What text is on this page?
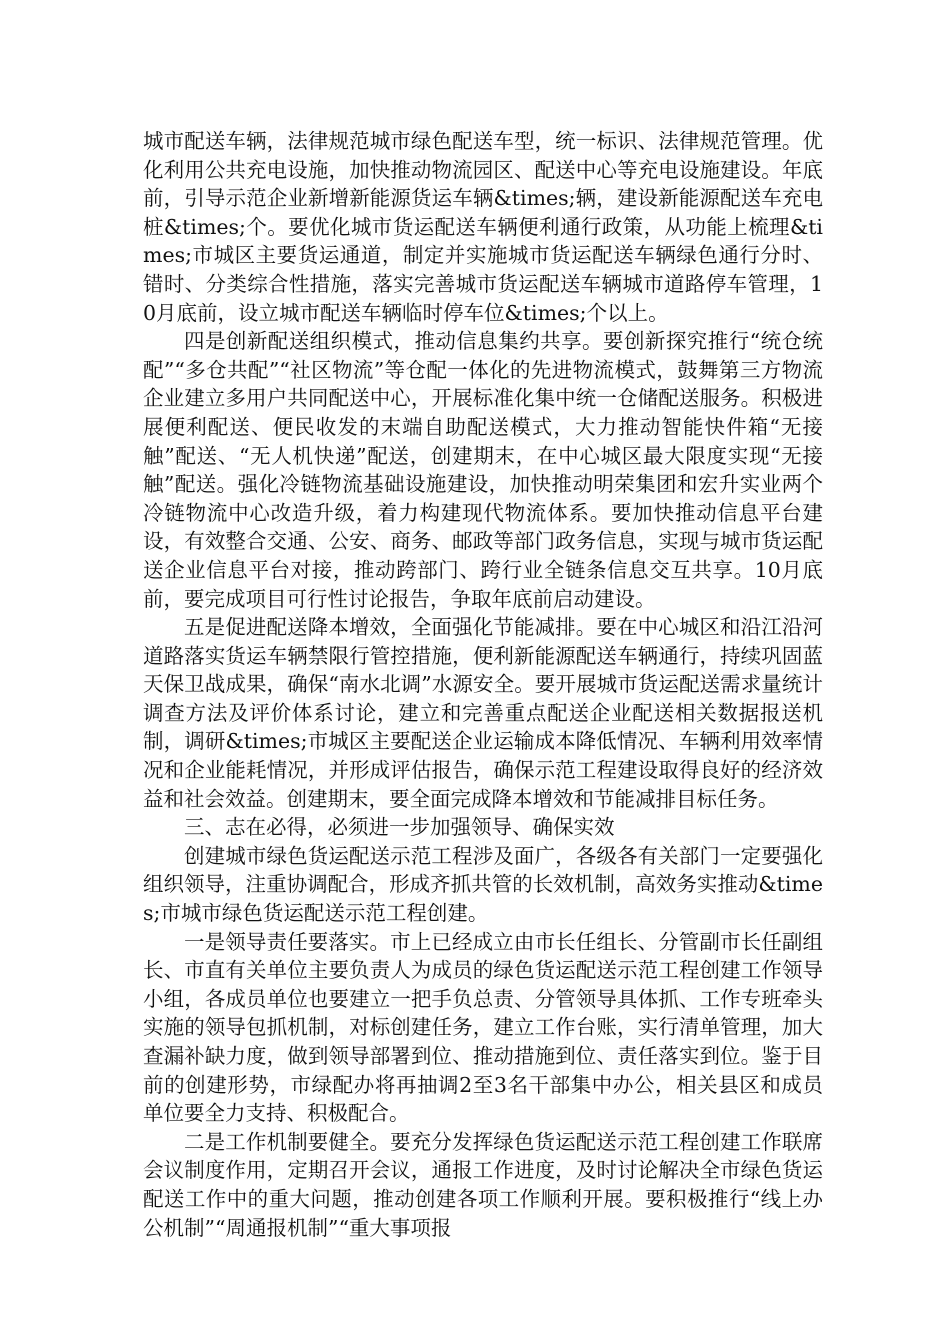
城市配送车辆，法律规范城市绿色配送车型，统一标识、法律规范管理。优化利用公共充电设施，加快推动物流园区、配送中心等充电设施建设。年底前，引导示范企业新增新能源货运车辆&times;辆，建设新能源配送车充电桩&times;个。要优化城市货运配送车辆便利通行政策，从功能上梳理&times;市城区主要货运通道，制定并实施城市货运配送车辆绿色通行分时、错时、分类综合性措施，落实完善城市货运配送车辆城市道路停车管理，10月底前，设立城市配送车辆临时停车位&times;个以上。

四是创新配送组织模式，推动信息集约共享。要创新探究推行“统仓统配”“多仓共配”“社区物流”等仓配一体化的先进物流模式，鼓舞第三方物流企业建立多用户共同配送中心，开展标准化集中统一仓储配送服务。积极进展便利配送、便民收发的末端自助配送模式，大力推动智能快件箱“无接触”配送、“无人机快递”配送，创建期末，在中心城区最大限度实现“无接触”配送。强化冷链物流基础设施建设，加快推动明荣集团和宏升实业两个冷链物流中心改造升级，着力构建现代物流体系。要加快推动信息平台建设，有效整合交通、公安、商务、邮政等部门政务信息，实现与城市货运配送企业信息平台对接，推动跨部门、跨行业全链条信息交互共享。10月底前，要完成项目可行性讨论报告，争取年底前启动建设。

五是促进配送降本增效，全面强化节能减排。要在中心城区和沿江沿河道路落实货运车辆禁限行管控措施，便利新能源配送车辆通行，持续巩固蓝天保卫战成果，确保“南水北调”水源安全。要开展城市货运配送需求量统计调查方法及评价体系讨论，建立和完善重点配送企业配送相关数据报送机制，调研&times;市城区主要配送企业运输成本降低情况、车辆利用效率情况和企业能耗情况，并形成评估报告，确保示范工程建设取得良好的经济效益和社会效益。创建期末，要全面完成降本增效和节能减排目标任务。

三、志在必得，必须进一步加强领导、确保实效

创建城市绿色货运配送示范工程涉及面广，各级各有关部门一定要强化组织领导，注重协调配合，形成齐抓共管的长效机制，高效务实推动&times;市城市绿色货运配送示范工程创建。

一是领导责任要落实。市上已经成立由市长任组长、分管副市长任副组长、市直有关单位主要负责人为成员的绿色货运配送示范工程创建工作领导小组，各成员单位也要建立一把手负总责、分管领导具体抓、工作专班牵头实施的领导包抓机制，对标创建任务，建立工作台账，实行清单管理，加大查漏补缺力度，做到领导部署到位、推动措施到位、责任落实到位。鉴于目前的创建形势，市绿配办将再抽调2至3名干部集中办公，相关县区和成员单位要全力支持、积极配合。

二是工作机制要健全。要充分发挥绿色货运配送示范工程创建工作联席会议制度作用，定期召开会议，通报工作进度，及时讨论解决全市绿色货运配送工作中的重大问题，推动创建各项工作顺利开展。要积极推行“线上办公机制”“周通报机制”“重大事项报
